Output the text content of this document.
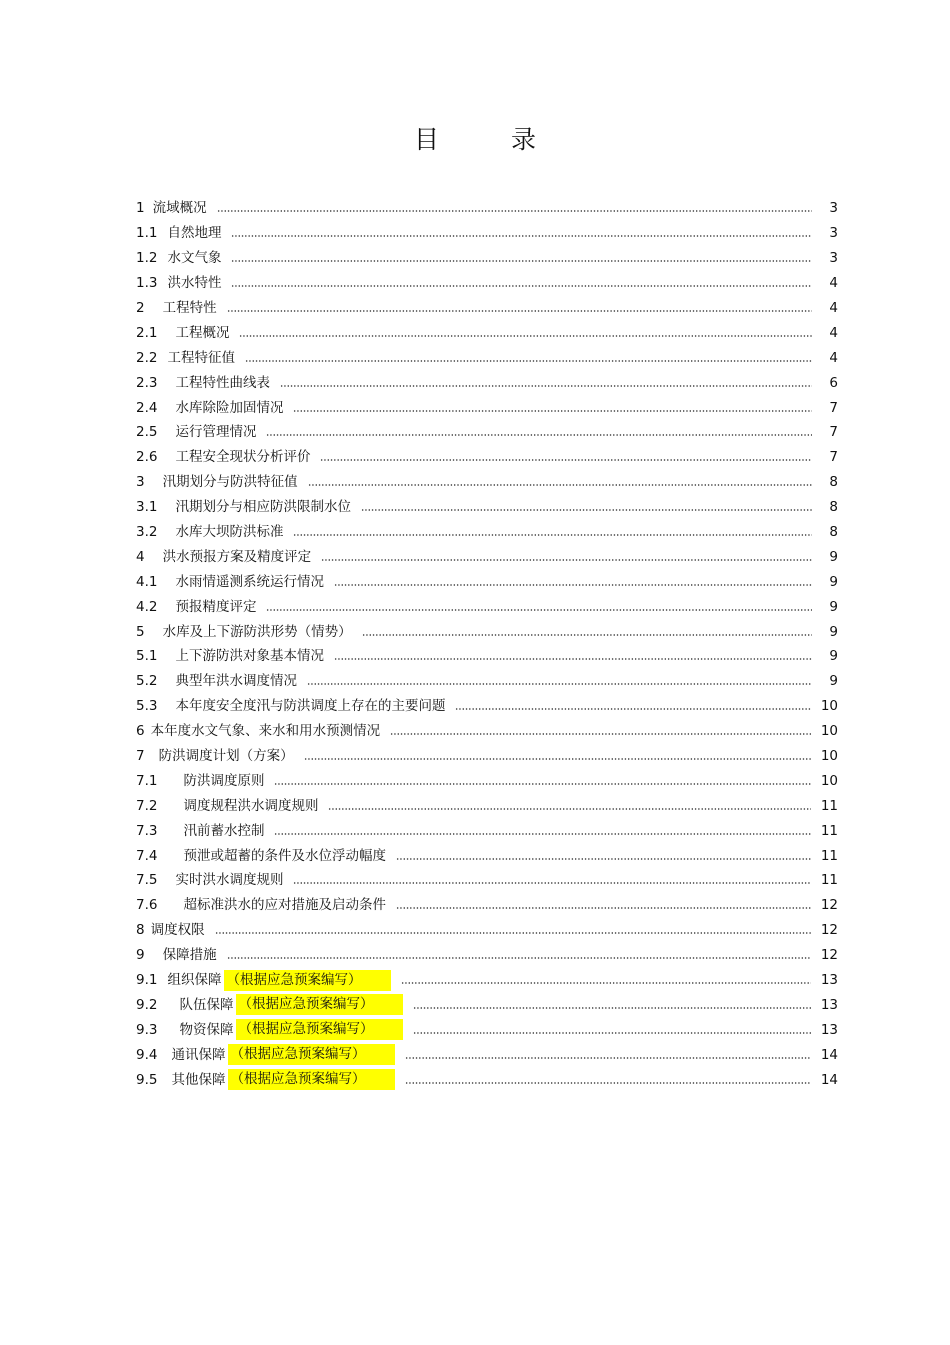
目 录
1 流域概况	3
1.1 自然地理	3
1.2 水文气象	3
1.3 洪水特性	4
2 工程特性	4
2.1 工程概况	4
2.2 工程特征值	4
2.3 工程特性曲线表	6
2.4 水库除险加固情况	7
2.5 运行管理情况	7
2.6 工程安全现状分析评价	7
3 汛期划分与防洪特征值	8
3.1 汛期划分与相应防洪限制水位	8
3.2 水库大坝防洪标准	8
4 洪水预报方案及精度评定	9
4.1 水雨情遥测系统运行情况	9
4.2 预报精度评定	9
5 水库及上下游防洪形势（情势）	9
5.1 上下游防洪对象基本情况	9
5.2 典型年洪水调度情况	9
5.3 本年度安全度汛与防洪调度上存在的主要问题	10
6 本年度水文气象、来水和用水预测情况	10
7 防洪调度计划（方案）	10
7.1 防洪调度原则	10
7.2 调度规程洪水调度规则	11
7.3 汛前蓄水控制	11
7.4 预泄或超蓄的条件及水位浮动幅度	11
7.5 实时洪水调度规则	11
7.6 超标准洪水的应对措施及启动条件	12
8 调度权限	12
9 保障措施	12
9.1 组织保障 （根据应急预案编写）	13
9.2 队伍保障 （根据应急预案编写）	13
9.3 物资保障 （根据应急预案编写）	13
9.4 通讯保障 （根据应急预案编写）	14
9.5 其他保障 （根据应急预案编写）	14
